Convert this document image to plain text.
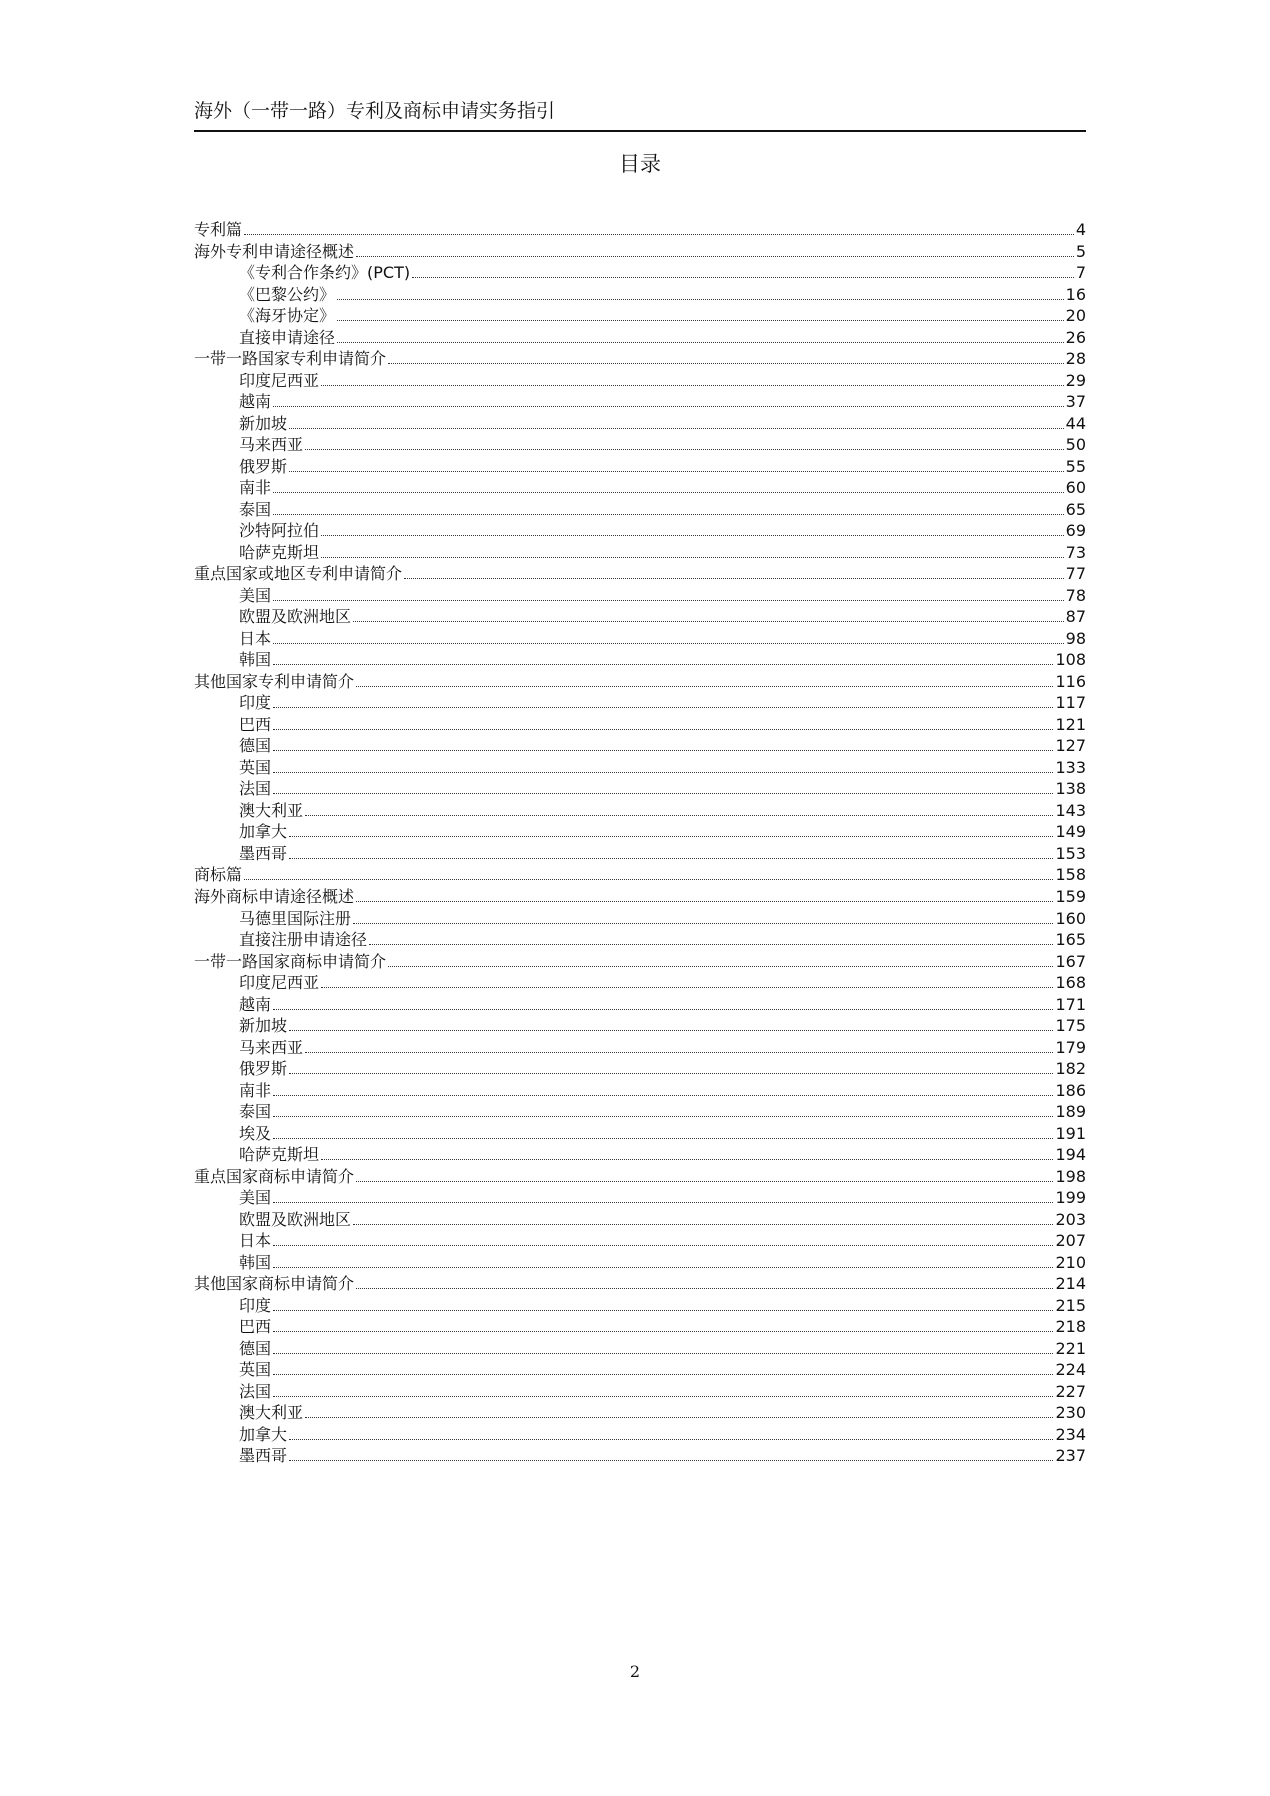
海外（一带一路）专利及商标申请实务指引
目录
专利篇	4
海外专利申请途径概述	5
《专利合作条约》(PCT)	7
《巴黎公约》	16
《海牙协定》	20
直接申请途径	26
一带一路国家专利申请简介	28
印度尼西亚	29
越南	37
新加坡	44
马来西亚	50
俄罗斯	55
南非	60
泰国	65
沙特阿拉伯	69
哈萨克斯坦	73
重点国家或地区专利申请简介	77
美国	78
欧盟及欧洲地区	87
日本	98
韩国	108
其他国家专利申请简介	116
印度	117
巴西	121
德国	127
英国	133
法国	138
澳大利亚	143
加拿大	149
墨西哥	153
商标篇	158
海外商标申请途径概述	159
马德里国际注册	160
直接注册申请途径	165
一带一路国家商标申请简介	167
印度尼西亚	168
越南	171
新加坡	175
马来西亚	179
俄罗斯	182
南非	186
泰国	189
埃及	191
哈萨克斯坦	194
重点国家商标申请简介	198
美国	199
欧盟及欧洲地区	203
日本	207
韩国	210
其他国家商标申请简介	214
印度	215
巴西	218
德国	221
英国	224
法国	227
澳大利亚	230
加拿大	234
墨西哥	237
2
